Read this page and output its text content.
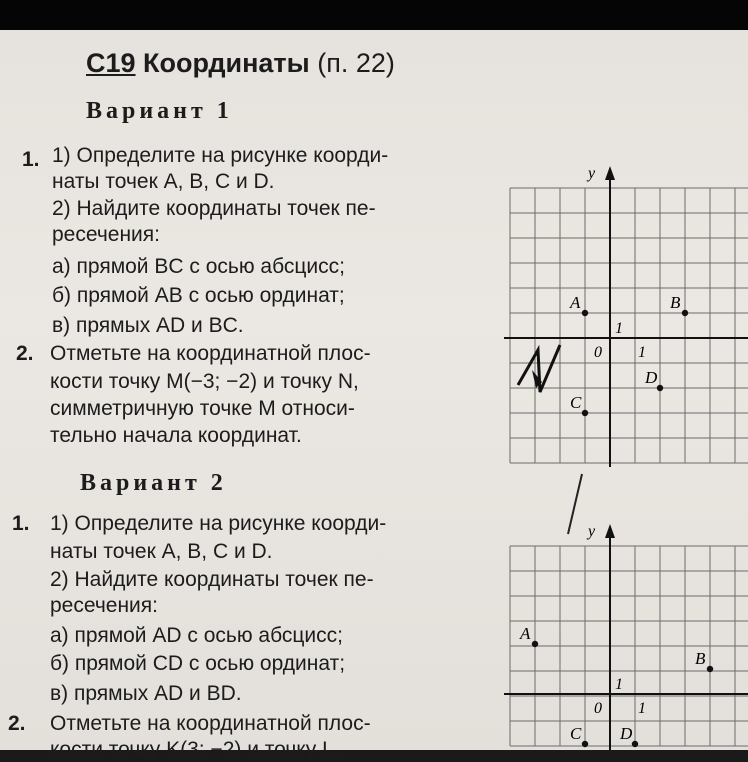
С19 Координаты (п. 22)
Вариант 1
1. 1) Определите на рисунке коорди-
наты точек A, B, C и D.
2) Найдите координаты точек пе-
ресечения:
а) прямой BC с осью абсцисс;
б) прямой AB с осью ординат;
в) прямых AD и BC.
2. Отметьте на координатной плос-
кости точку M(−3; −2) и точку N,
симметричную точке M относи-
тельно начала координат.
y
0 1
1
A	B
C
D
Вариант 2
1. 1) Определите на рисунке коорди-
наты точек A, B, C и D.
2) Найдите координаты точек пе-
ресечения:
а) прямой AD с осью абсцисс;
б) прямой CD с осью ординат;
в) прямых AD и BD.
2. Отметьте на координатной плос-
кости точку K(3; −2) и точку L,
y
0 1
1
A
B
C D
